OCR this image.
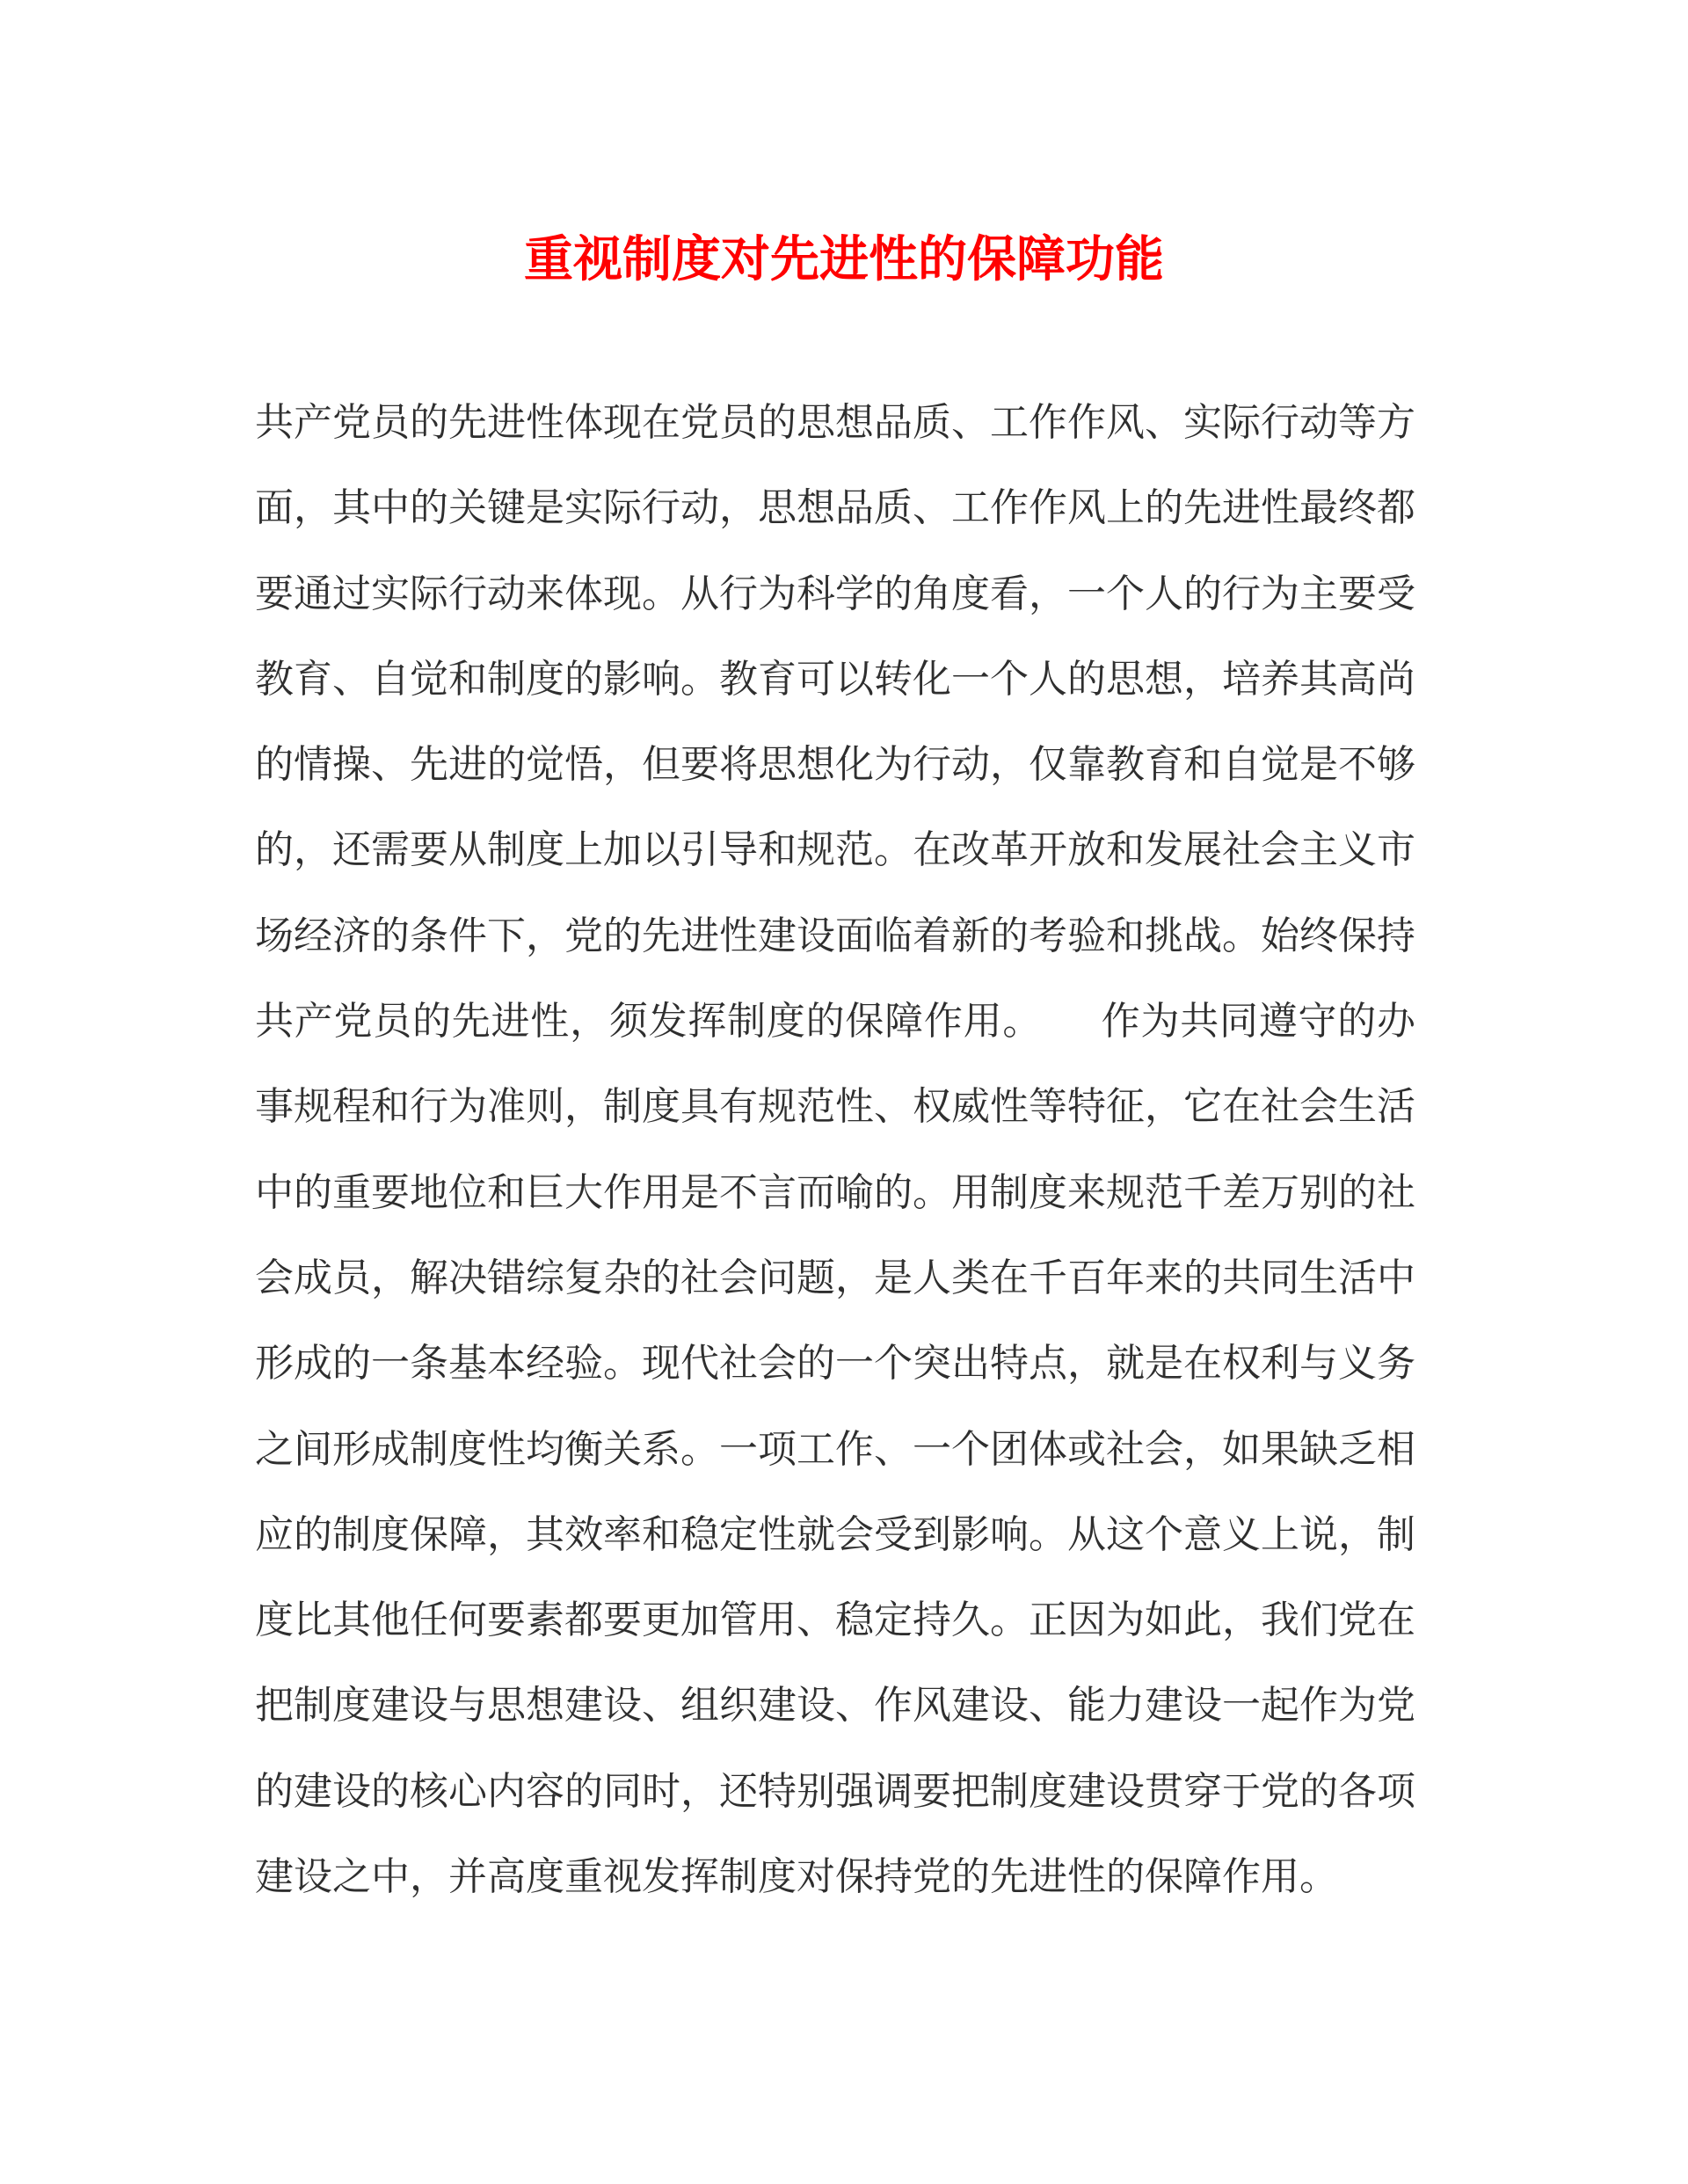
重视制度对先进性的保障功能
共产党员的先进性体现在党员的思想品质、工作作风、实际行动等方
面，其中的关键是实际行动，思想品质、工作作风上的先进性最终都
要通过实际行动来体现。从行为科学的角度看，一个人的行为主要受
教育、自觉和制度的影响。教育可以转化一个人的思想，培养其高尚
的情操、先进的觉悟，但要将思想化为行动，仅靠教育和自觉是不够
的，还需要从制度上加以引导和规范。在改革开放和发展社会主义市
场经济的条件下，党的先进性建设面临着新的考验和挑战。始终保持
共产党员的先进性，须发挥制度的保障作用。　　作为共同遵守的办
事规程和行为准则，制度具有规范性、权威性等特征，它在社会生活
中的重要地位和巨大作用是不言而喻的。用制度来规范千差万别的社
会成员，解决错综复杂的社会问题，是人类在千百年来的共同生活中
形成的一条基本经验。现代社会的一个突出特点，就是在权利与义务
之间形成制度性均衡关系。一项工作、一个团体或社会，如果缺乏相
应的制度保障，其效率和稳定性就会受到影响。从这个意义上说，制
度比其他任何要素都要更加管用、稳定持久。正因为如此，我们党在
把制度建设与思想建设、组织建设、作风建设、能力建设一起作为党
的建设的核心内容的同时，还特别强调要把制度建设贯穿于党的各项
建设之中，并高度重视发挥制度对保持党的先进性的保障作用。
